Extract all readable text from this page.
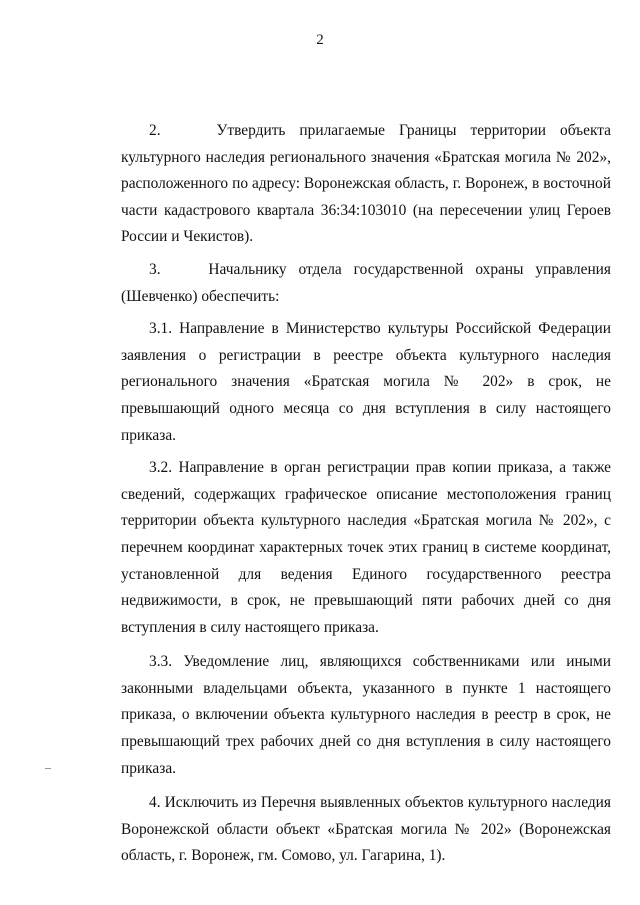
2

2.    Утвердить прилагаемые Границы территории объекта культурного наследия регионального значения «Братская могила № 202», расположенного по адресу: Воронежская область, г. Воронеж, в восточной части кадастрового квартала 36:34:103010 (на пересечении улиц Героев России и Чекистов).

3.    Начальнику отдела государственной охраны управления (Шевченко) обеспечить:

3.1. Направление в Министерство культуры Российской Федерации заявления о регистрации в реестре объекта культурного наследия регионального значения «Братская могила № 202» в срок, не превышающий одного месяца со дня вступления в силу настоящего приказа.

3.2. Направление в орган регистрации прав копии приказа, а также сведений, содержащих графическое описание местоположения границ территории объекта культурного наследия «Братская могила № 202», с перечнем координат характерных точек этих границ в системе координат, установленной для ведения Единого государственного реестра недвижимости, в срок, не превышающий пяти рабочих дней со дня вступления в силу настоящего приказа.

3.3. Уведомление лиц, являющихся собственниками или иными законными владельцами объекта, указанного в пункте 1 настоящего приказа, о включении объекта культурного наследия в реестр в срок, не превышающий трех рабочих дней со дня вступления в силу настоящего приказа.

4. Исключить из Перечня выявленных объектов культурного наследия Воронежской области объект «Братская могила № 202» (Воронежская область, г. Воронеж, гм. Сомово, ул. Гагарина, 1).
